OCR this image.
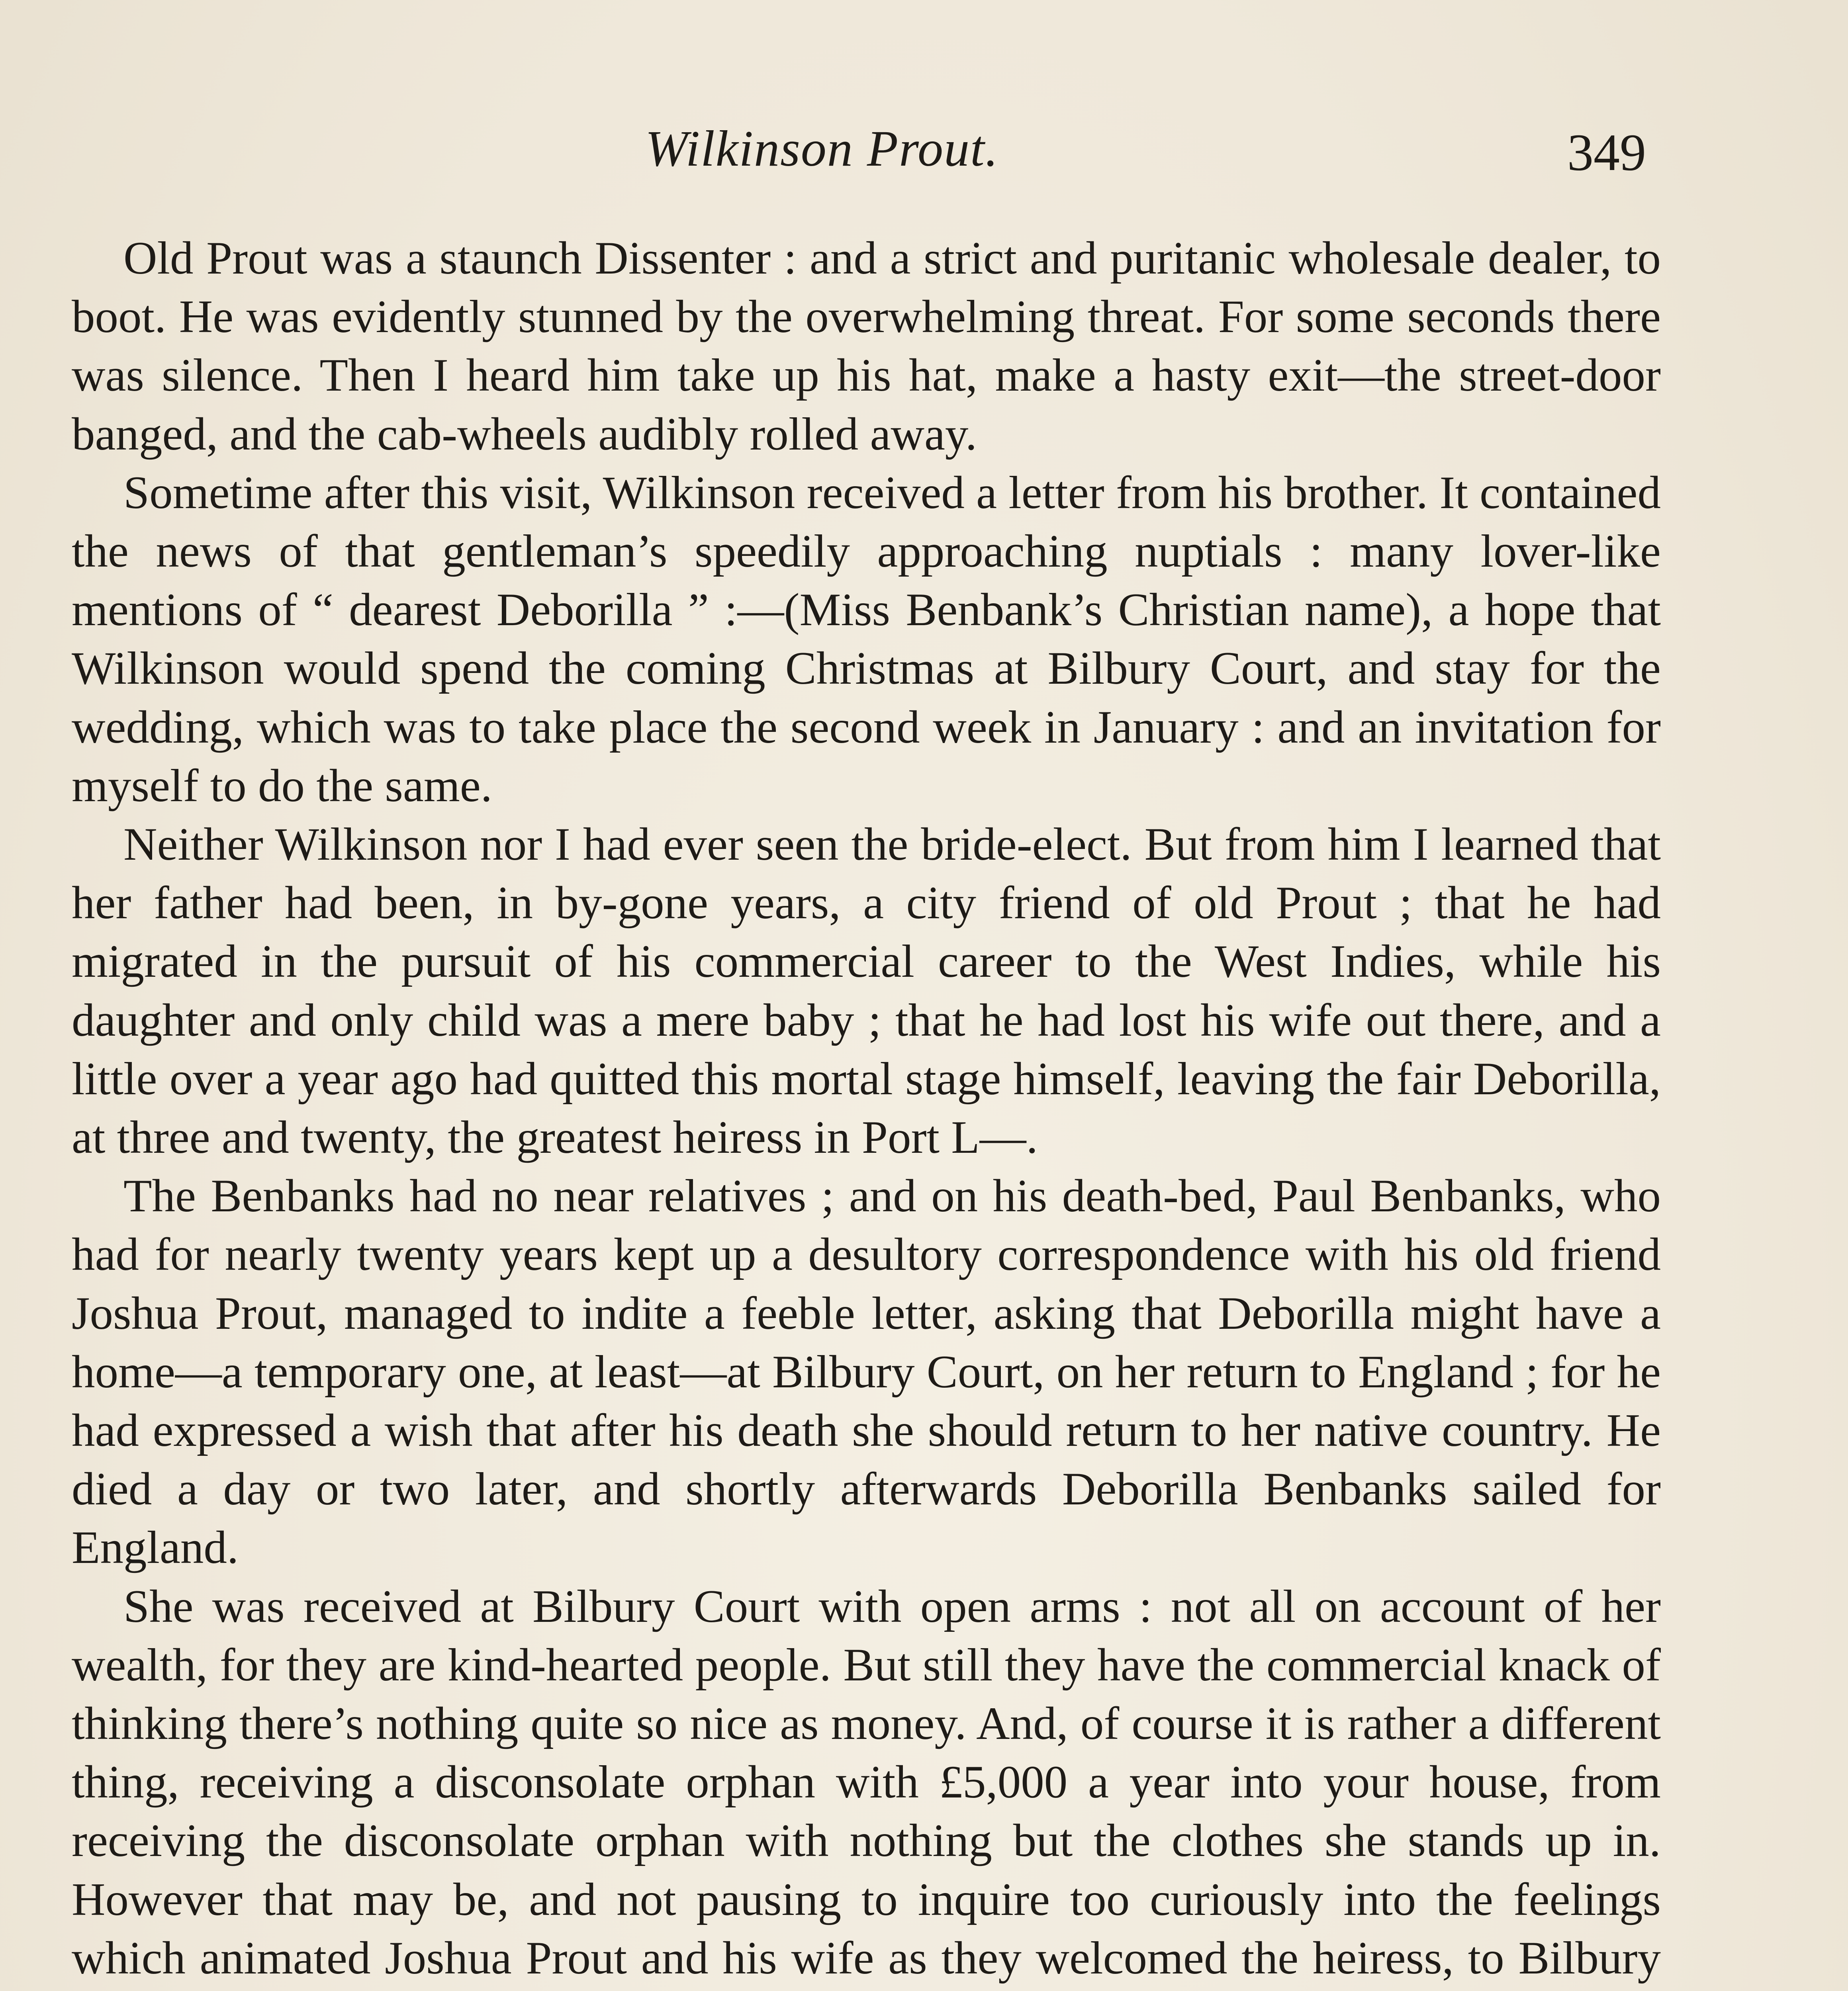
Wilkinson Prout.	349

Old Prout was a staunch Dissenter : and a strict and puritanic wholesale dealer, to boot. He was evidently stunned by the overwhelming threat. For some seconds there was silence. Then I heard him take up his hat, make a hasty exit—the street-door banged, and the cab-wheels audibly rolled away.

Sometime after this visit, Wilkinson received a letter from his brother. It contained the news of that gentleman’s speedily approaching nuptials : many lover-like mentions of “ dearest Deborilla ” :—(Miss Benbank’s Christian name), a hope that Wilkinson would spend the coming Christmas at Bilbury Court, and stay for the wedding, which was to take place the second week in January : and an invitation for myself to do the same.

Neither Wilkinson nor I had ever seen the bride-elect. But from him I learned that her father had been, in by-gone years, a city friend of old Prout ; that he had migrated in the pursuit of his commercial career to the West Indies, while his daughter and only child was a mere baby ; that he had lost his wife out there, and a little over a year ago had quitted this mortal stage himself, leaving the fair Deborilla, at three and twenty, the greatest heiress in Port L—.

The Benbanks had no near relatives ; and on his death-bed, Paul Benbanks, who had for nearly twenty years kept up a desultory correspondence with his old friend Joshua Prout, managed to indite a feeble letter, asking that Deborilla might have a home—a temporary one, at least—at Bilbury Court, on her return to England ; for he had expressed a wish that after his death she should return to her native country. He died a day or two later, and shortly afterwards Deborilla Benbanks sailed for England.

She was received at Bilbury Court with open arms : not all on account of her wealth, for they are kind-hearted people. But still they have the commercial knack of thinking there’s nothing quite so nice as money. And, of course it is rather a different thing, receiving a disconsolate orphan with £5,000 a year into your house, from receiving the disconsolate orphan with nothing but the clothes she stands up in. However that may be, and not pausing to inquire too curiously into the feelings which animated Joshua Prout and his wife as they welcomed the heiress, to Bilbury
